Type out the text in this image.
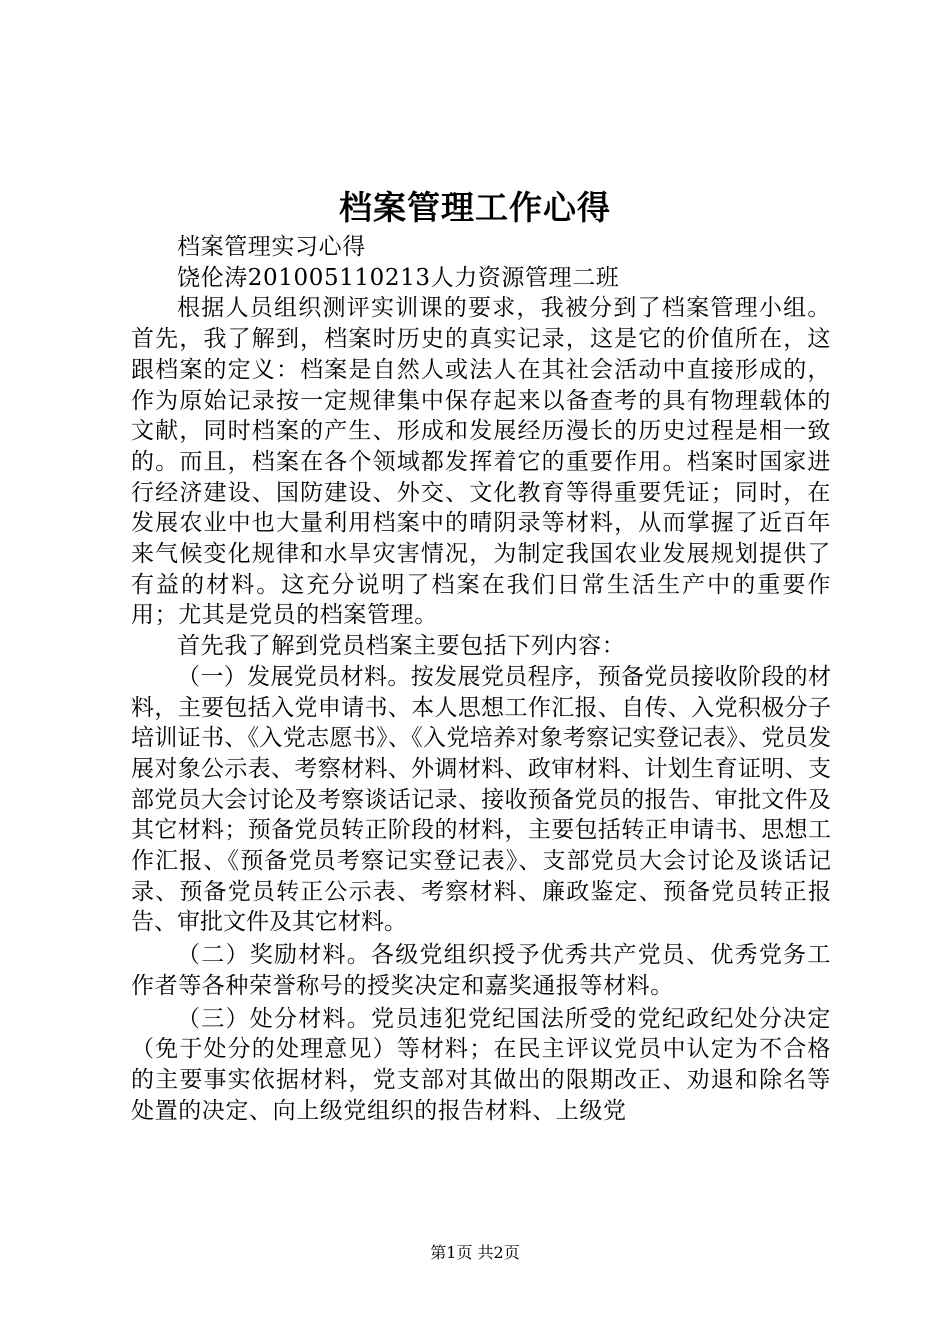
档案管理工作心得

档案管理实习心得

饶伦涛201005110213人力资源管理二班

根据人员组织测评实训课的要求，我被分到了档案管理小组。首先，我了解到，档案时历史的真实记录，这是它的价值所在，这跟档案的定义：档案是自然人或法人在其社会活动中直接形成的，作为原始记录按一定规律集中保存起来以备查考的具有物理载体的文献，同时档案的产生、形成和发展经历漫长的历史过程是相一致的。而且，档案在各个领域都发挥着它的重要作用。档案时国家进行经济建设、国防建设、外交、文化教育等得重要凭证；同时，在发展农业中也大量利用档案中的晴阴录等材料，从而掌握了近百年来气候变化规律和水旱灾害情况，为制定我国农业发展规划提供了有益的材料。这充分说明了档案在我们日常生活生产中的重要作用；尤其是党员的档案管理。

首先我了解到党员档案主要包括下列内容：

（一）发展党员材料。按发展党员程序，预备党员接收阶段的材料，主要包括入党申请书、本人思想工作汇报、自传、入党积极分子培训证书、《入党志愿书》、《入党培养对象考察记实登记表》、党员发展对象公示表、考察材料、外调材料、政审材料、计划生育证明、支部党员大会讨论及考察谈话记录、接收预备党员的报告、审批文件及其它材料；预备党员转正阶段的材料，主要包括转正申请书、思想工作汇报、《预备党员考察记实登记表》、支部党员大会讨论及谈话记录、预备党员转正公示表、考察材料、廉政鉴定、预备党员转正报告、审批文件及其它材料。

（二）奖励材料。各级党组织授予优秀共产党员、优秀党务工作者等各种荣誉称号的授奖决定和嘉奖通报等材料。

（三）处分材料。党员违犯党纪国法所受的党纪政纪处分决定（免于处分的处理意见）等材料；在民主评议党员中认定为不合格的主要事实依据材料，党支部对其做出的限期改正、劝退和除名等处置的决定、向上级党组织的报告材料、上级党

第1页 共2页
